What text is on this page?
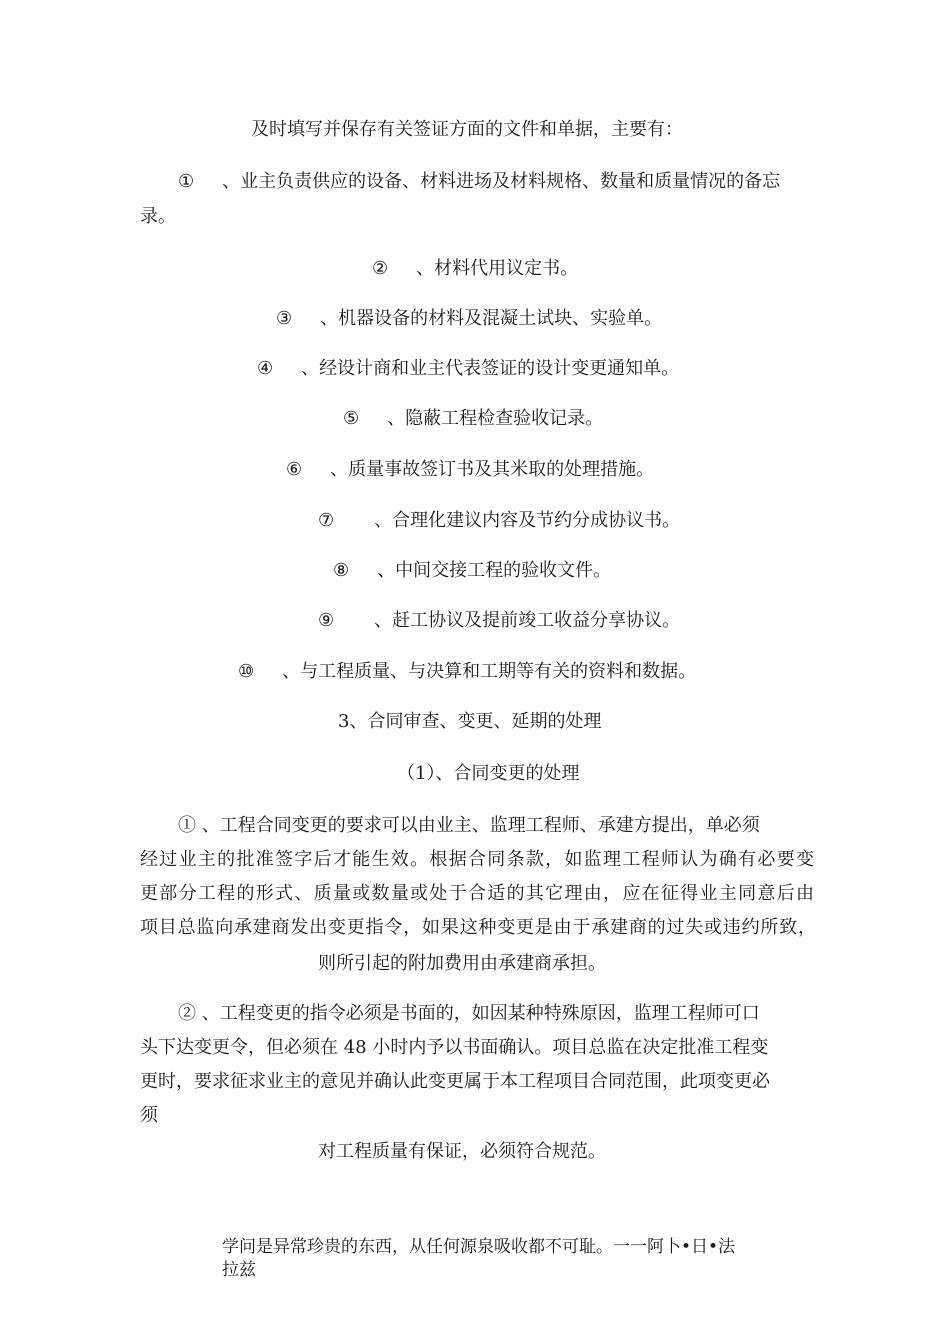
及时填写并保存有关签证方面的文件和单据，主要有：
① 、业主负责供应的设备、材料进场及材料规格、数量和质量情况的备忘
录。
② 、材料代用议定书。
③ 、机器设备的材料及混凝土试块、实验单。
④ 、经设计商和业主代表签证的设计变更通知单。
⑤ 、隐蔽工程检查验收记录。
⑥ 、质量事故签订书及其米取的处理措施。
⑦ 、合理化建议内容及节约分成协议书。
⑧ 、中间交接工程的验收文件。
⑨ 、赶工协议及提前竣工收益分享协议。
⑩ 、与工程质量、与决算和工期等有关的资料和数据。
3、合同审查、变更、延期的处理
（1）、合同变更的处理
① 、工程合同变更的要求可以由业主、监理工程师、承建方提出，单必须
经过业主的批准签字后才能生效。根据合同条款，如监理工程师认为确有必要变
更部分工程的形式、质量或数量或处于合适的其它理由，应在征得业主同意后由
项目总监向承建商发出变更指令，如果这种变更是由于承建商的过失或违约所致，
则所引起的附加费用由承建商承担。
② 、工程变更的指令必须是书面的，如因某种特殊原因，监理工程师可口
头下达变更令，但必须在 48 小时内予以书面确认。项目总监在决定批准工程变
更时，要求征求业主的意见并确认此变更属于本工程项目合同范围，此项变更必
须
对工程质量有保证，必须符合规范。
学问是异常珍贵的东西，从任何源泉吸收都不可耻。一一阿卜•日•法
拉兹
